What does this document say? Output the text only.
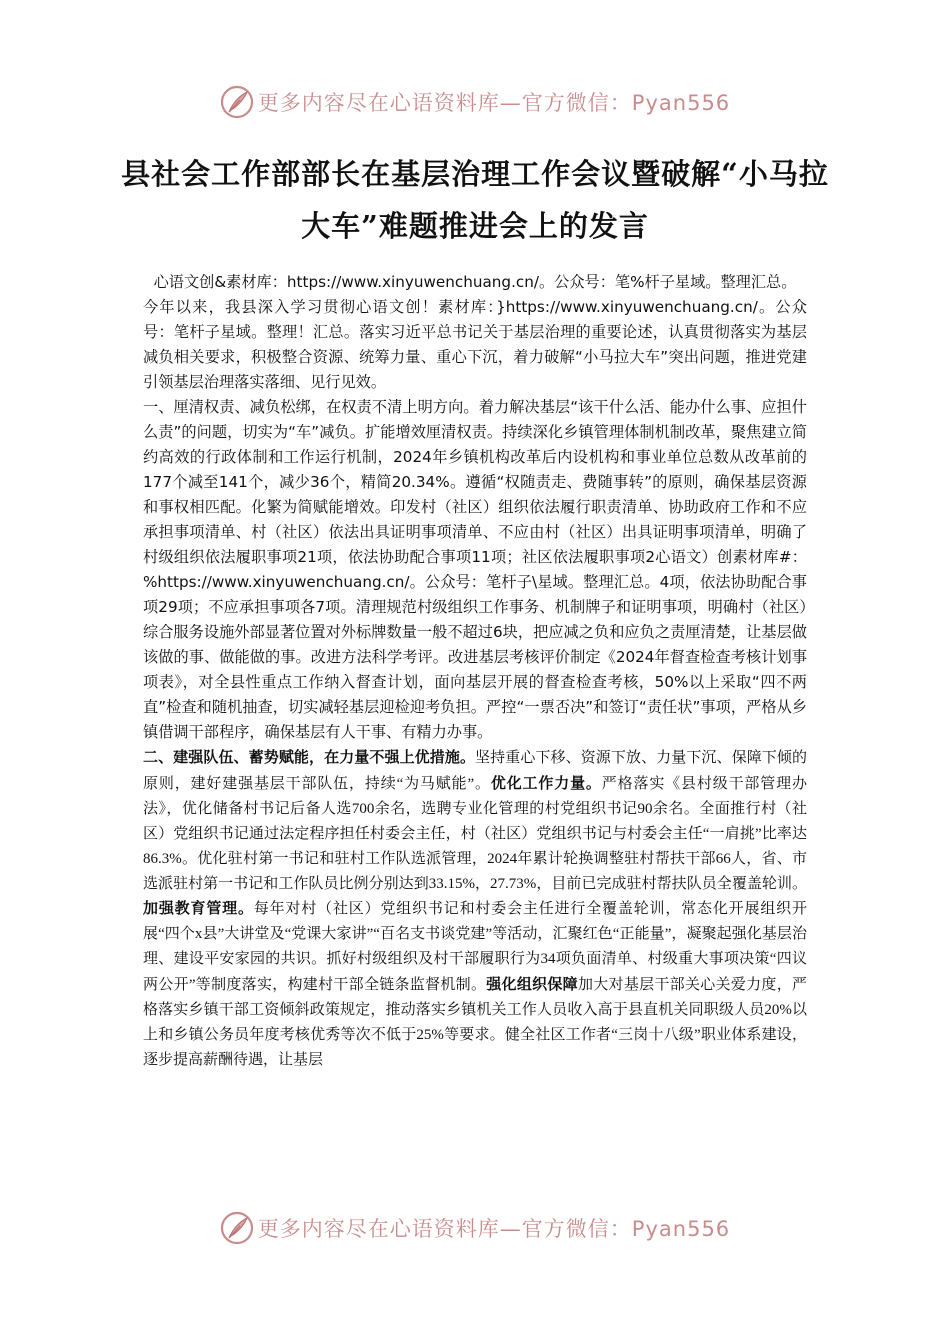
更多内容尽在心语资料库—官方微信：Pyan556
县社会工作部部长在基层治理工作会议暨破解“小马拉大车”难题推进会上的发言

心语文创&素材库：https://www.xinyuwenchuang.cn/。公众号：笔%杆子星域。整理汇总。

今年以来，我县深入学习贯彻心语文创！素材库：}https://www.xinyuwenchuang.cn/。公众号：笔杆子星域。整理！汇总。落实习近平总书记关于基层治理的重要论述，认真贯彻落实为基层减负相关要求，积极整合资源、统筹力量、重心下沉，着力破解“小马拉大车”突出问题，推进党建引领基层治理落实落细、见行见效。

一、厘清权责、减负松绑，在权责不清上明方向。着力解决基层“该干什么活、能办什么事、应担什么责”的问题，切实为“车”减负。扩能增效厘清权责。持续深化乡镇管理体制机制改革，聚焦建立简约高效的行政体制和工作运行机制，2024年乡镇机构改革后内设机构和事业单位总数从改革前的177个减至141个，减少36个，精简20.34%。遵循“权随责走、费随事转”的原则，确保基层资源和事权相匹配。化繁为简赋能增效。印发村（社区）组织依法履行职责清单、协助政府工作和不应承担事项清单、村（社区）依法出具证明事项清单、不应由村（社区）出具证明事项清单，明确了村级组织依法履职事项21项，依法协助配合事项11项；社区依法履职事项2心语文）创素材库#：%https://www.xinyuwenchuang.cn/。公众号：笔杆子\星域。整理汇总。4项，依法协助配合事项29项；不应承担事项各7项。清理规范村级组织工作事务、机制牌子和证明事项，明确村（社区）综合服务设施外部显著位置对外标牌数量一般不超过6块，把应减之负和应负之责厘清楚，让基层做该做的事、做能做的事。改进方法科学考评。改进基层考核评价制定《2024年督查检查考核计划事项表》，对全县性重点工作纳入督查计划，面向基层开展的督查检查考核，50%以上采取“四不两直”检查和随机抽查，切实减轻基层迎检迎考负担。严控“一票否决”和签订“责任状”事项，严格从乡镇借调干部程序，确保基层有人干事、有精力办事。

二、建强队伍、蓄势赋能，在力量不强上优措施。坚持重心下移、资源下放、力量下沉、保障下倾的原则，建好建强基层干部队伍，持续“为马赋能”。优化工作力量。严格落实《县村级干部管理办法》，优化储备村书记后备人选700余名，选聘专业化管理的村党组织书记90余名。全面推行村（社区）党组织书记通过法定程序担任村委会主任，村（社区）党组织书记与村委会主任“一肩挑”比率达86.3%。优化驻村第一书记和驻村工作队选派管理，2024年累计轮换调整驻村帮扶干部66人，省、市选派驻村第一书记和工作队员比例分别达到33.15%，27.73%，目前已完成驻村帮扶队员全覆盖轮训。加强教育管理。每年对村（社区）党组织书记和村委会主任进行全覆盖轮训，常态化开展组织开展“四个x县”大讲堂及“党课大家讲”“百名支书谈党建”等活动，汇聚红色“正能量”，凝聚起强化基层治理、建设平安家园的共识。抓好村级组织及村干部履职行为34项负面清单、村级重大事项决策“四议两公开”等制度落实，构建村干部全链条监督机制。强化组织保障加大对基层干部关心关爱力度，严格落实乡镇干部工资倾斜政策规定，推动落实乡镇机关工作人员收入高于县直机关同职级人员20%以上和乡镇公务员年度考核优秀等次不低于25%等要求。健全社区工作者“三岗十八级”职业体系建设，逐步提高薪酬待遇，让基层

更多内容尽在心语资料库—官方微信：Pyan556
